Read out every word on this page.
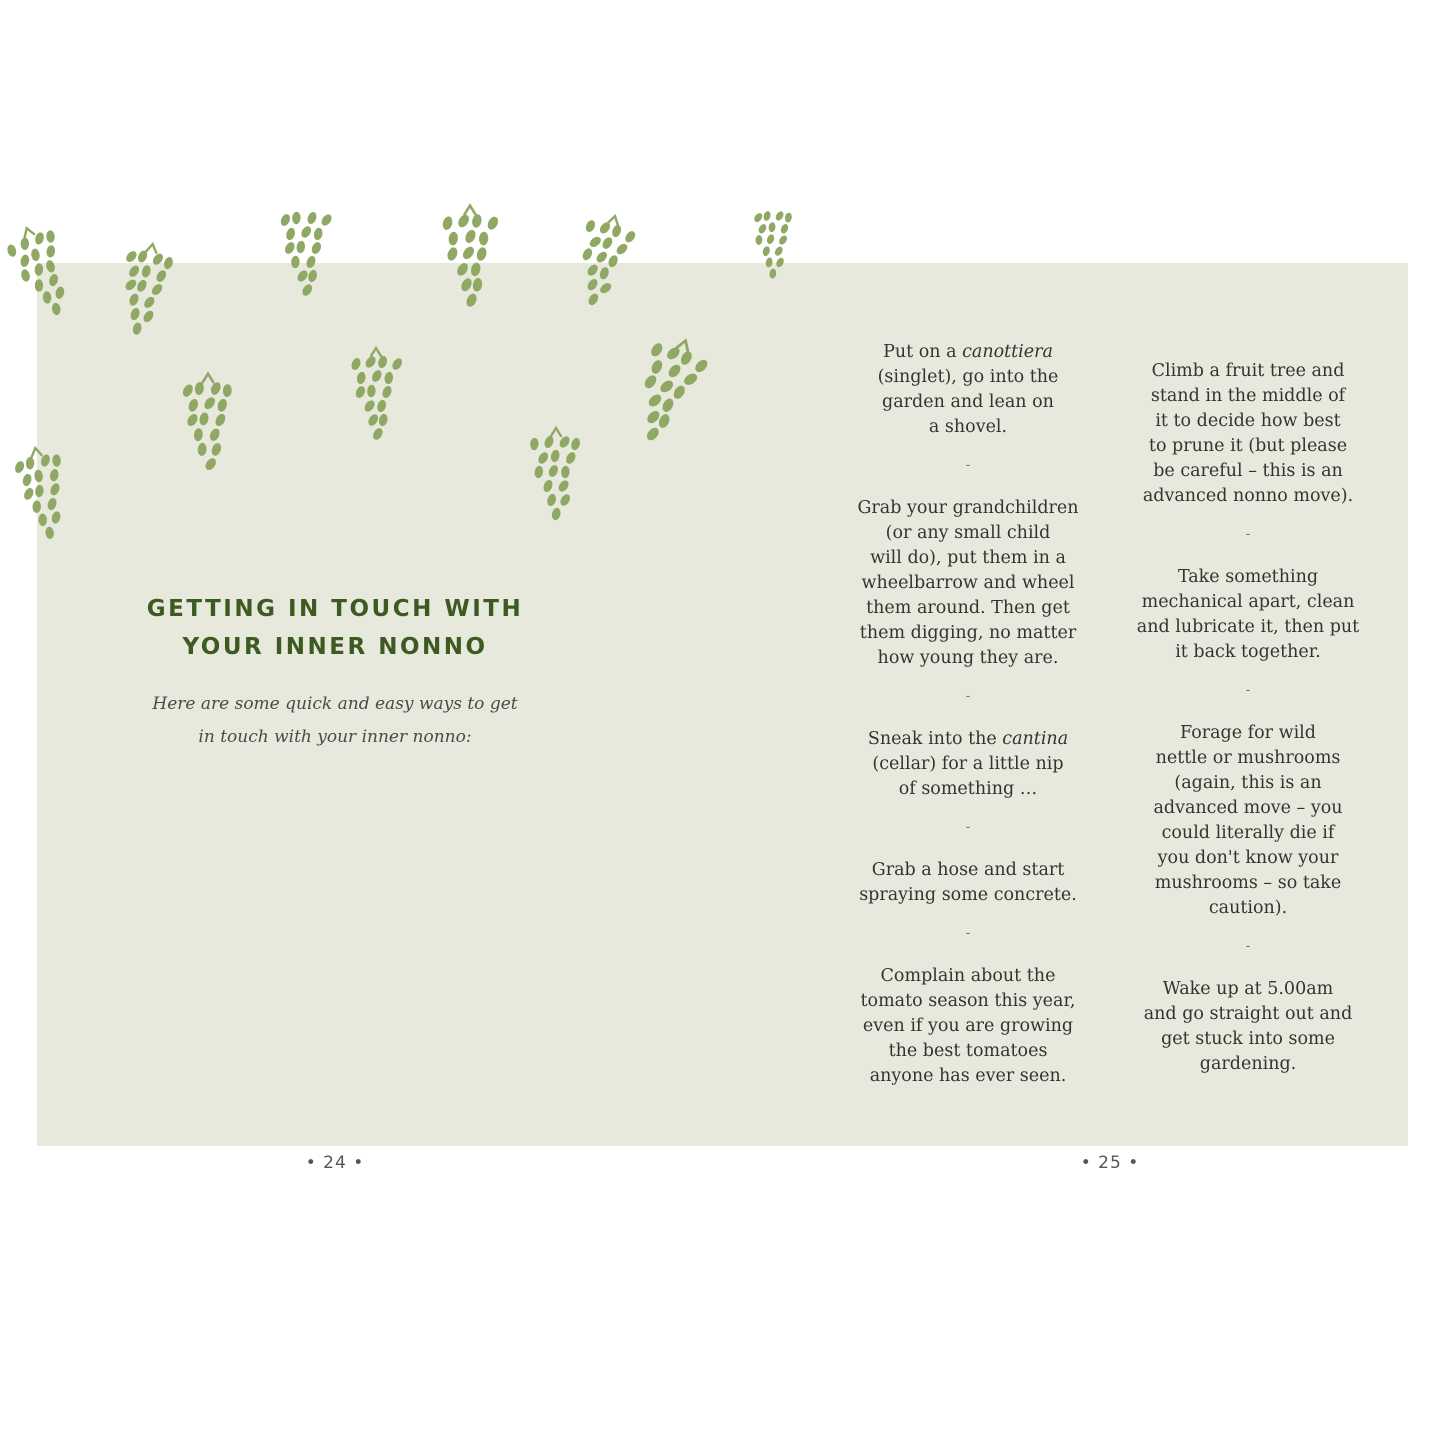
GETTING IN TOUCH WITH
YOUR INNER NONNO
Here are some quick and easy ways to get
in touch with your inner nonno:
Put on a canottiera
(singlet), go into the
garden and lean on
a shovel.
-
Grab your grandchildren
(or any small child
will do), put them in a
wheelbarrow and wheel
them around. Then get
them digging, no matter
how young they are.
-
Sneak into the cantina
(cellar) for a little nip
of something …
-
Grab a hose and start
spraying some concrete.
-
Complain about the
tomato season this year,
even if you are growing
the best tomatoes
anyone has ever seen.
Climb a fruit tree and
stand in the middle of
it to decide how best
to prune it (but please
be careful – this is an
advanced nonno move).
-
Take something
mechanical apart, clean
and lubricate it, then put
it back together.
-
Forage for wild
nettle or mushrooms
(again, this is an
advanced move – you
could literally die if
you don't know your
mushrooms – so take
caution).
-
Wake up at 5.00am
and go straight out and
get stuck into some
gardening.
• 24 •	• 25 •
